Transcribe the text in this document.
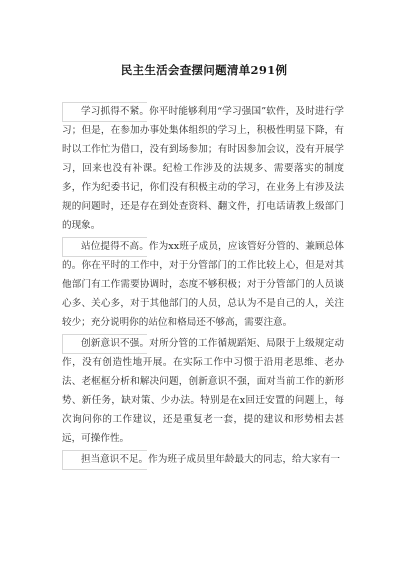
民主生活会查摆问题清单291例

学习抓得不紧。你平时能够利用“学习强国”软件，及时进行学习；但是，在参加办事处集体组织的学习上，积极性明显下降，有时以工作忙为借口，没有到场参加；有时因参加会议，没有开展学习，回来也没有补课。纪检工作涉及的法规多、需要落实的制度多，作为纪委书记，你们没有积极主动的学习，在业务上有涉及法规的问题时，还是存在到处查资料、翻文件，打电话请教上级部门的现象。

站位提得不高。作为xx班子成员，应该管好分管的、兼顾总体的。你在平时的工作中，对于分管部门的工作比较上心，但是对其他部门有工作需要协调时，态度不够积极；对于分管部门的人员谈心多、关心多，对于其他部门的人员，总认为不是自己的人，关注较少；充分说明你的站位和格局还不够高，需要注意。

创新意识不强。对所分管的工作循规蹈矩、局限于上级规定动作，没有创造性地开展。在实际工作中习惯于沿用老思维、老办法、老框框分析和解决问题，创新意识不强，面对当前工作的新形势、新任务，缺对策、少办法。特别是在x回迁安置的问题上，每次询问你的工作建议，还是重复老一套，提的建议和形势相去甚远，可操作性。

担当意识不足。作为班子成员里年龄最大的同志，给大家有一
